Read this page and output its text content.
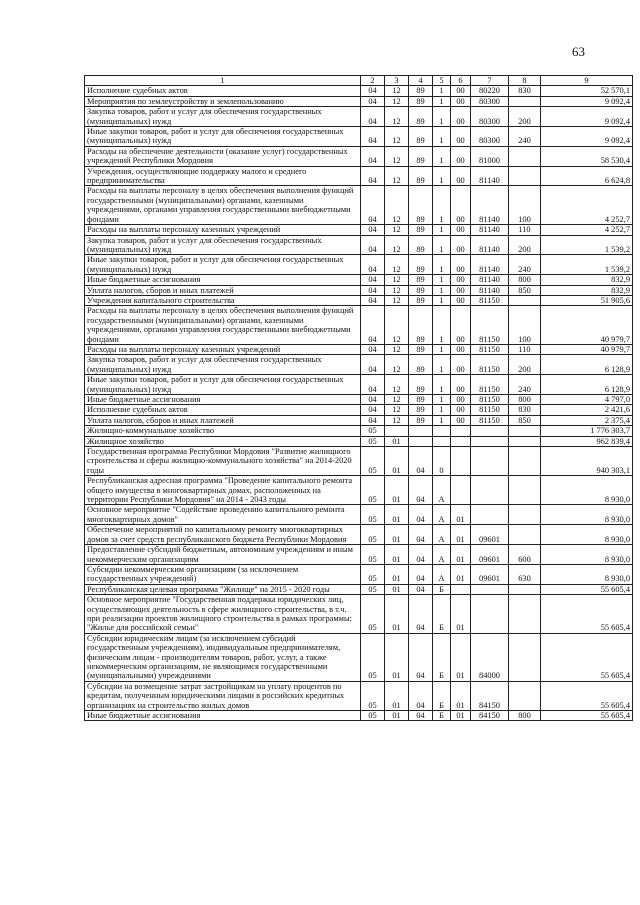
63
1	2	3	4	5	6	7	8	9
Исполнение судебных актов	04	12	89	1	00	80220	830	52 570,1
Мероприятия по землеустройству и землепользованию	04	12	89	1	00	80300		9 092,4
Закупка товаров, работ и услуг для обеспечения государственных (муниципальных) нужд	04	12	89	1	00	80300	200	9 092,4
Иные закупки товаров, работ и услуг для обеспечения государственных (муниципальных) нужд	04	12	89	1	00	80300	240	9 092,4
Расходы на обеспечение деятельности (оказание услуг) государственных учреждений Республики Мордовия	04	12	89	1	00	81000		58 530,4
Учреждения, осуществляющие поддержку малого и среднего предпринимательства	04	12	89	1	00	81140		6 624,8
Расходы на выплаты персоналу в целях обеспечения выполнения функций государственными (муниципальными) органами, казенными учреждениями, органами управления государственными внебюджетными фондами	04	12	89	1	00	81140	100	4 252,7
Расходы на выплаты персоналу казенных учреждений	04	12	89	1	00	81140	110	4 252,7
Закупка товаров, работ и услуг для обеспечения государственных (муниципальных) нужд	04	12	89	1	00	81140	200	1 539,2
Иные закупки товаров, работ и услуг для обеспечения государственных (муниципальных) нужд	04	12	89	1	00	81140	240	1 539,2
Иные бюджетные ассигнования	04	12	89	1	00	81140	800	832,9
Уплата налогов, сборов и иных платежей	04	12	89	1	00	81140	850	832,9
Учреждения капитального строительства	04	12	89	1	00	81150		51 905,6
Расходы на выплаты персоналу в целях обеспечения выполнения функций государственными (муниципальными) органами, казенными учреждениями, органами управления государственными внебюджетными фондами	04	12	89	1	00	81150	100	40 979,7
Расходы на выплаты персоналу казенных учреждений	04	12	89	1	00	81150	110	40 979,7
Закупка товаров, работ и услуг для обеспечения государственных (муниципальных) нужд	04	12	89	1	00	81150	200	6 128,9
Иные закупки товаров, работ и услуг для обеспечения государственных (муниципальных) нужд	04	12	89	1	00	81150	240	6 128,9
Иные бюджетные ассигнования	04	12	89	1	00	81150	800	4 797,0
Исполнение судебных актов	04	12	89	1	00	81150	830	2 421,6
Уплата налогов, сборов и иных платежей	04	12	89	1	00	81150	850	2 375,4
Жилищно-коммунальное хозяйство	05							1 776 303,7
Жилищное хозяйство	05	01						962 839,4
Государственная программа Республики Мордовия "Развитие жилищного строительства и сферы жилищно-коммунального хозяйства" на 2014-2020 годы	05	01	04	0				940 303,1
Республиканская адресная программа "Проведение капитального ремонта общего имущества в многоквартирных домах, расположенных на территории Республики Мордовия" на 2014 - 2043 годы	05	01	04	А				8 930,0
Основное мероприятие "Содействие проведению капитального ремонта многоквартирных домов"	05	01	04	А	01			8 930,0
Обеспечение мероприятий по капитальному ремонту многоквартирных домов за счет средств республиканского бюджета Республики Мордовия	05	01	04	А	01	09601		8 930,0
Предоставление субсидий бюджетным, автономным учреждениям и иным некоммерческим организациям	05	01	04	А	01	09601	600	8 930,0
Субсидии некоммерческим организациям (за исключением государственных учреждений)	05	01	04	А	01	09601	630	8 930,0
Республиканская целевая программа "Жилище" на 2015 - 2020 годы	05	01	04	Б				55 605,4
Основное мероприятие "Государственная поддержка юридических лиц, осуществляющих деятельность в сфере жилищного строительства, в т.ч. при реализации проектов жилищного строительства в рамках программы: "Жилье для российской семьи"	05	01	04	Б	01			55 605,4
Субсидии юридическим лицам (за исключением субсидий государственным учреждениям), индивидуальным предпринимателям, физическим лицам - производителям товаров, работ, услуг, а также некоммерческим организациям, не являющимся государственными (муниципальными) учреждениями	05	01	04	Б	01	84000		55 605,4
Субсидии на возмещение затрат застройщикам на уплату процентов по кредитам, полученным юридическими лицами в российских кредитных организациях на строительство жилых домов	05	01	04	Б	01	84150		55 605,4
Иные бюджетные ассигнования	05	01	04	Б	01	84150	800	55 605,4
